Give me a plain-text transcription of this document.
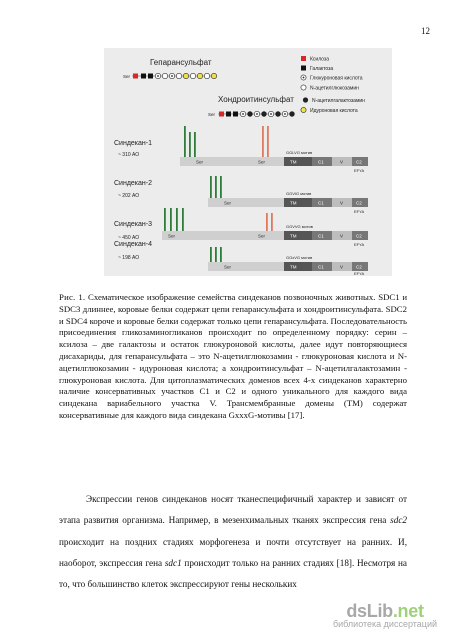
12
Гепарансульфат
Ser
Хондроитинсульфат
Ser
Ксилоза
Галактоза
Глюкуроновая кислота
N-ацетилглюкозамин
N-ацетилгалактозамин
Идуроновая кислота
Синдекан-1
~ 310 АО
Ser	Ser
GGLVG мотив
TM	C1	V	C2
EFYA
Синдекан-2
~ 202 АО
Ser
GGVIG мотив
TM	C1	V	C2
EFYA
Синдекан-3
~ 450 АО	Ser	Ser
GGVVG мотив
TM	C1	V	C2
EFYA
Синдекан-4
~ 198 АО
Ser
GGxVG мотив
TM	C1	V	C2
EFYA

Рис. 1. Схематическое изображение семейства синдеканов позвоночных животных. SDC1 и SDC3 длиннее, коровые белки содержат цепи гепарансульфата и хондроитинсульфата. SDC2 и SDC4 короче и коровые белки содержат только цепи гепарансульфата. Последовательность присоединения гликозаминогликанов происходит по определенному порядку: серин – ксилоза – две галактозы и остаток глюкуроновой кислоты, далее идут повторяющиеся дисахариды, для гепарансульфата – это N-ацетилглюкозамин - глюкуроновая кислота и N-ацетилглюкозамин - идуроновая кислота; а хондроитинсульфат – N-ацетилгалактозамин - глюкуроновая кислота. Для цитоплазматических доменов всех 4-х синдеканов характерно наличие консервативных участков C1 и C2 и одного уникального для каждого вида синдекана вариабельного участка V. Трансмембранные домены (TM) содержат консервативные для каждого вида синдекана GxxxG-мотивы [17].

Экспрессии генов синдеканов носят тканеспецифичный характер и зависят от этапа развития организма. Например, в мезенхимальных тканях экспрессия гена sdc2 происходит на поздних стадиях морфогенеза и почти отсутствует на ранних. И, наоборот, экспрессия гена sdc1 происходит только на ранних стадиях [18]. Несмотря на то, что большинство клеток экспрессируют гены нескольких

dsLib.net
библиотека диссертаций
